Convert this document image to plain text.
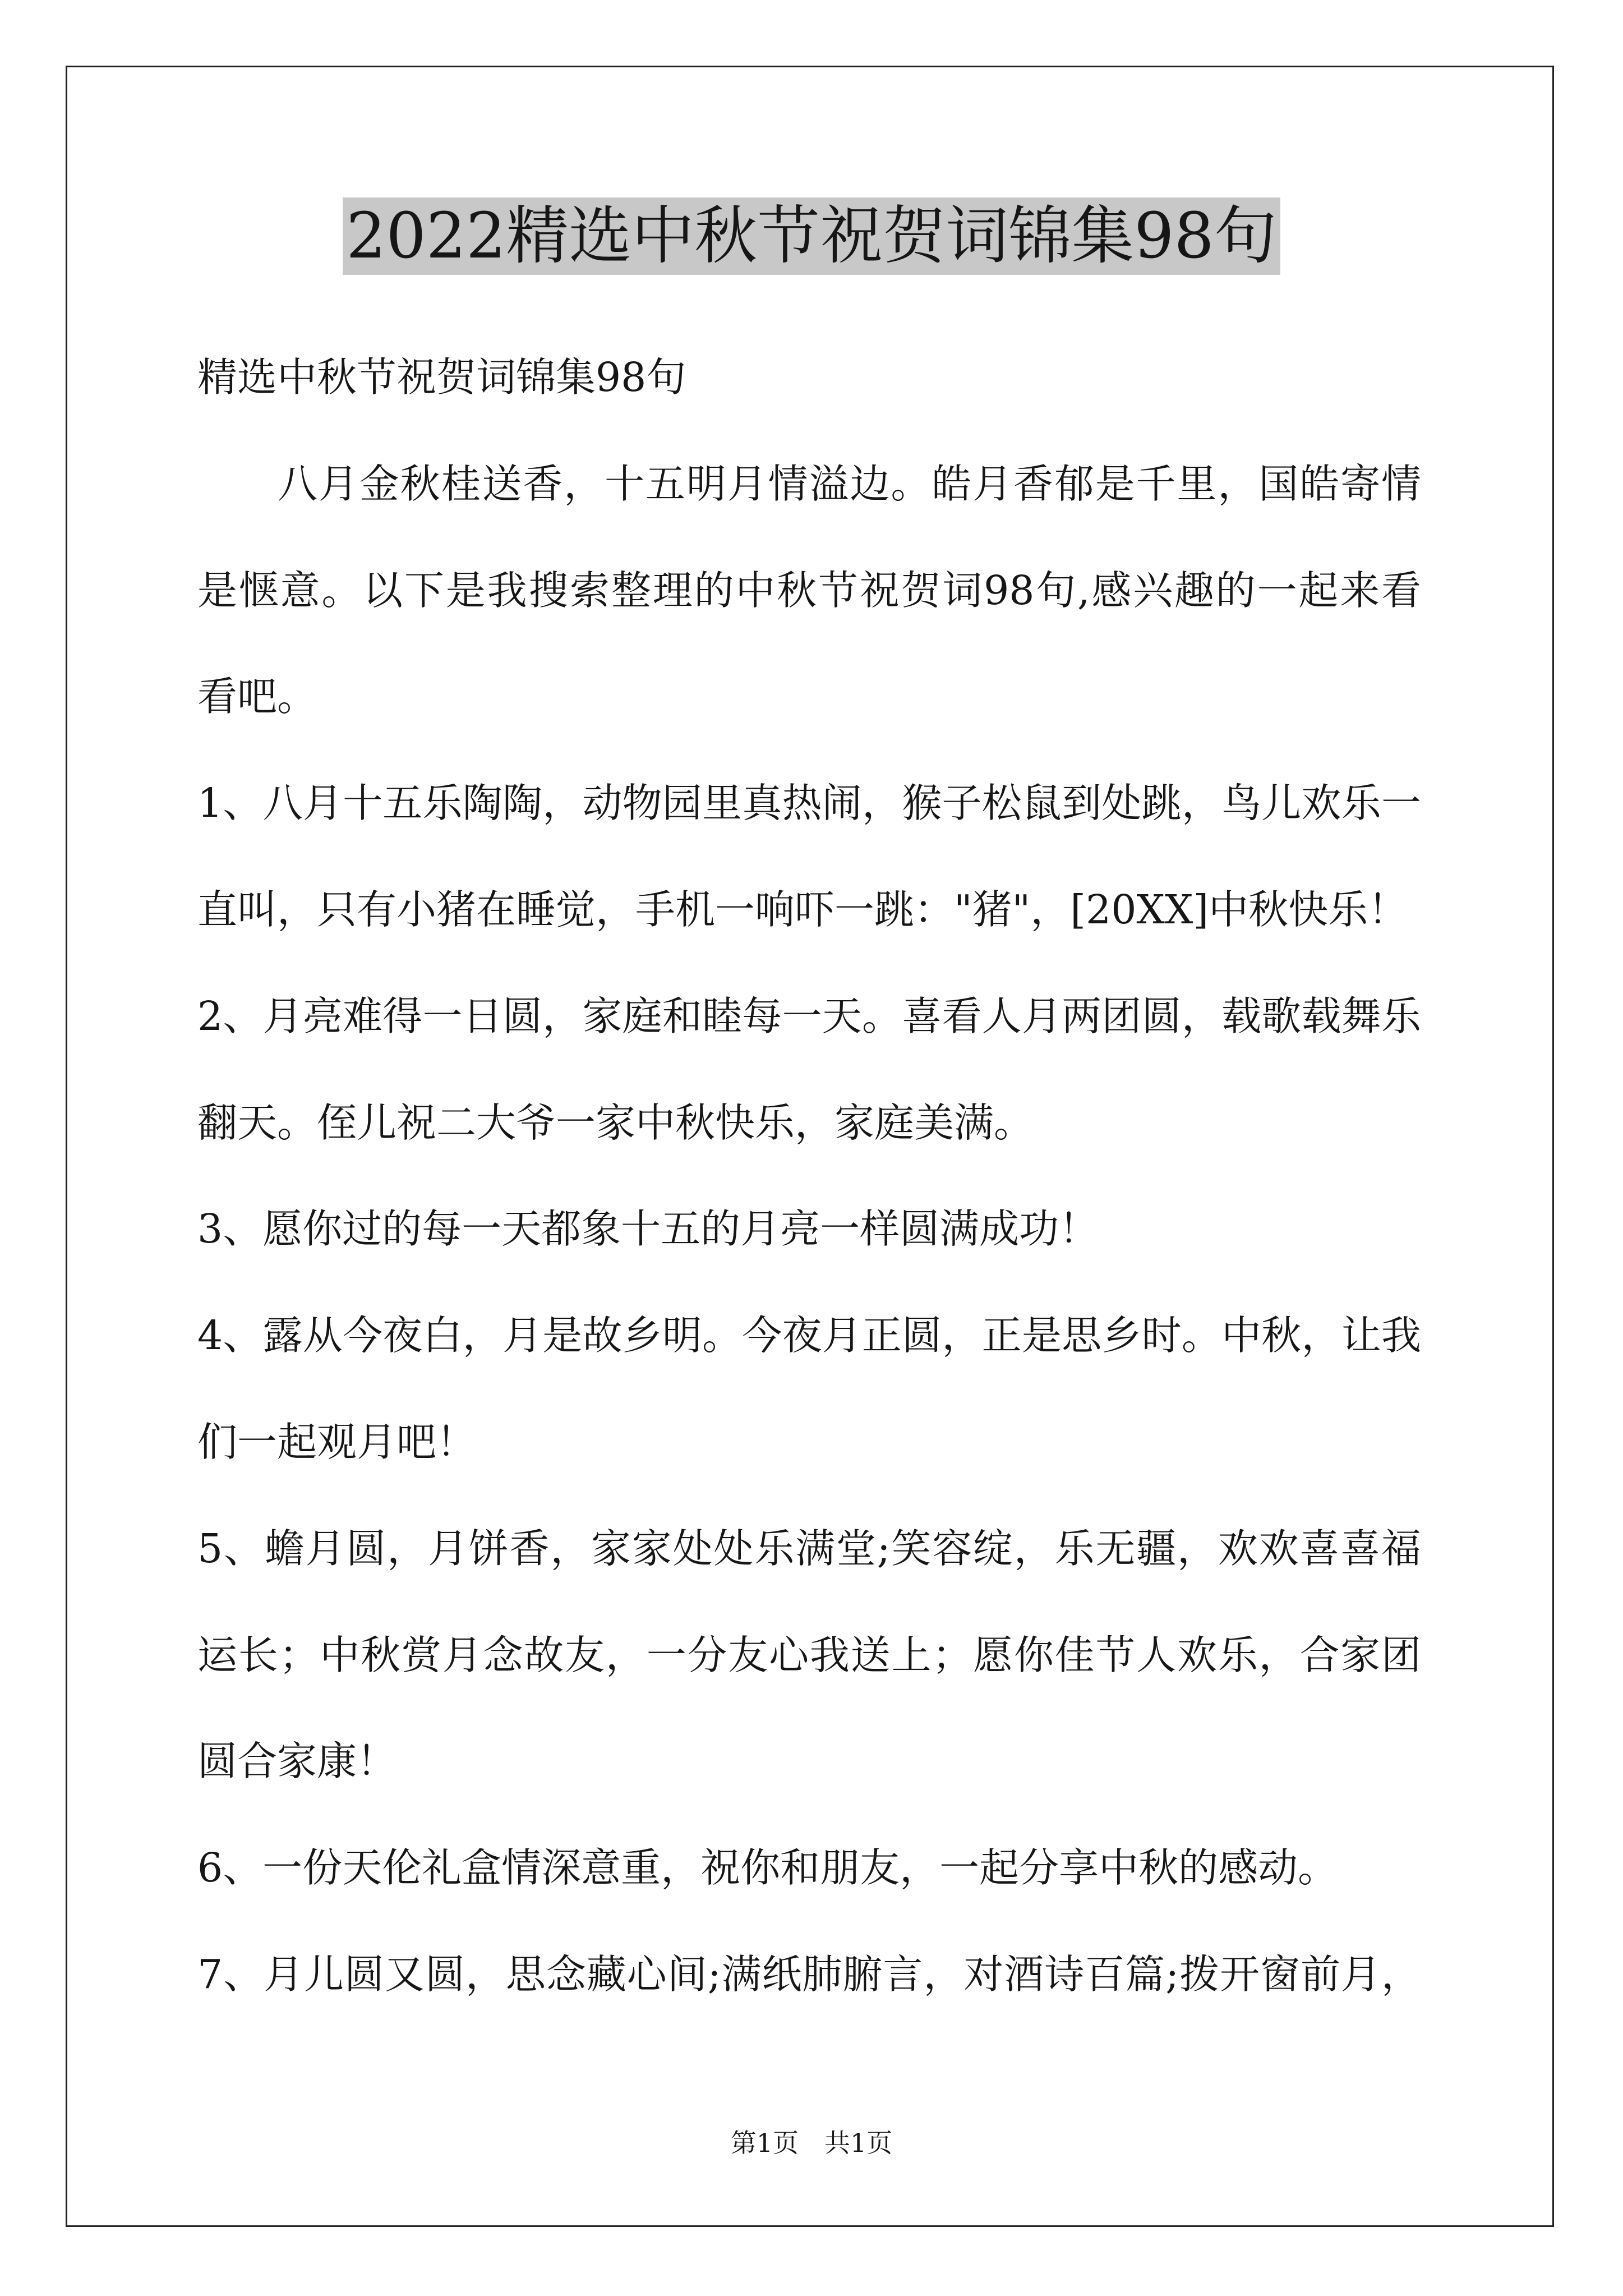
2022精选中秋节祝贺词锦集98句
精选中秋节祝贺词锦集98句
八月金秋桂送香，十五明月情溢边。皓月香郁是千里，国皓寄情
是惬意。以下是我搜索整理的中秋节祝贺词98句,感兴趣的一起来看
看吧。
1、八月十五乐陶陶，动物园里真热闹，猴子松鼠到处跳，鸟儿欢乐一
直叫，只有小猪在睡觉，手机一响吓一跳："猪"，[20XX]中秋快乐！
2、月亮难得一日圆，家庭和睦每一天。喜看人月两团圆，载歌载舞乐
翻天。侄儿祝二大爷一家中秋快乐，家庭美满。
3、愿你过的每一天都象十五的月亮一样圆满成功！
4、露从今夜白，月是故乡明。今夜月正圆，正是思乡时。中秋，让我
们一起观月吧！
5、蟾月圆，月饼香，家家处处乐满堂;笑容绽，乐无疆，欢欢喜喜福
运长；中秋赏月念故友，一分友心我送上；愿你佳节人欢乐，合家团
圆合家康！
6、一份天伦礼盒情深意重，祝你和朋友，一起分享中秋的感动。
7、月儿圆又圆，思念藏心间;满纸肺腑言，对酒诗百篇;拨开窗前月，
第1页 共1页
